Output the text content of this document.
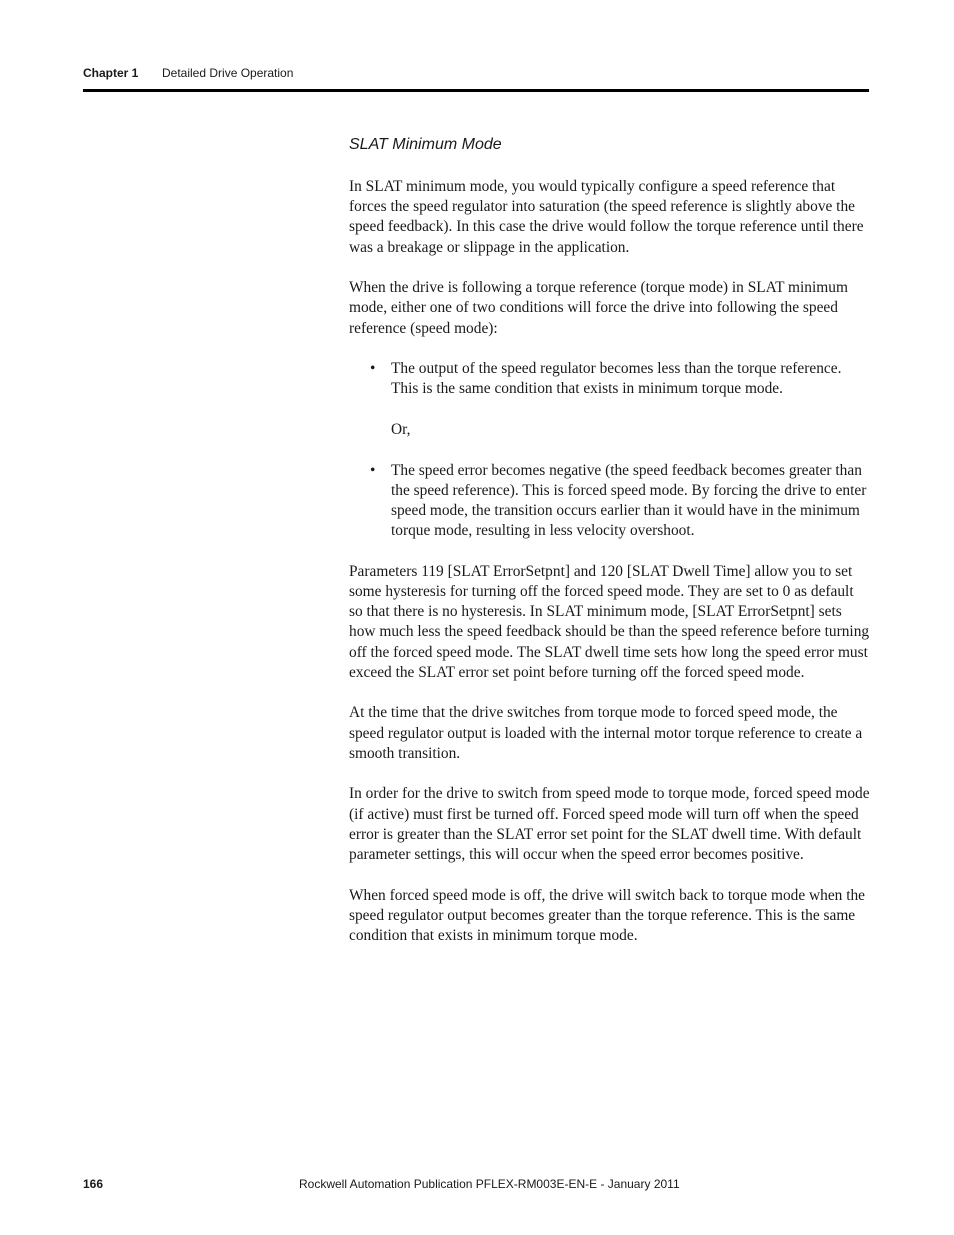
Chapter 1 Detailed Drive Operation
SLAT Minimum Mode

In SLAT minimum mode, you would typically configure a speed reference that forces the speed regulator into saturation (the speed reference is slightly above the speed feedback). In this case the drive would follow the torque reference until there was a breakage or slippage in the application.

When the drive is following a torque reference (torque mode) in SLAT minimum mode, either one of two conditions will force the drive into following the speed reference (speed mode):

• The output of the speed regulator becomes less than the torque reference. This is the same condition that exists in minimum torque mode.
Or,
• The speed error becomes negative (the speed feedback becomes greater than the speed reference). This is forced speed mode. By forcing the drive to enter speed mode, the transition occurs earlier than it would have in the minimum torque mode, resulting in less velocity overshoot.

Parameters 119 [SLAT ErrorSetpnt] and 120 [SLAT Dwell Time] allow you to set some hysteresis for turning off the forced speed mode. They are set to 0 as default so that there is no hysteresis. In SLAT minimum mode, [SLAT ErrorSetpnt] sets how much less the speed feedback should be than the speed reference before turning off the forced speed mode. The SLAT dwell time sets how long the speed error must exceed the SLAT error set point before turning off the forced speed mode.

At the time that the drive switches from torque mode to forced speed mode, the speed regulator output is loaded with the internal motor torque reference to create a smooth transition.

In order for the drive to switch from speed mode to torque mode, forced speed mode (if active) must first be turned off. Forced speed mode will turn off when the speed error is greater than the SLAT error set point for the SLAT dwell time. With default parameter settings, this will occur when the speed error becomes positive.

When forced speed mode is off, the drive will switch back to torque mode when the speed regulator output becomes greater than the torque reference. This is the same condition that exists in minimum torque mode.

166	Rockwell Automation Publication PFLEX-RM003E-EN-E - January 2011
